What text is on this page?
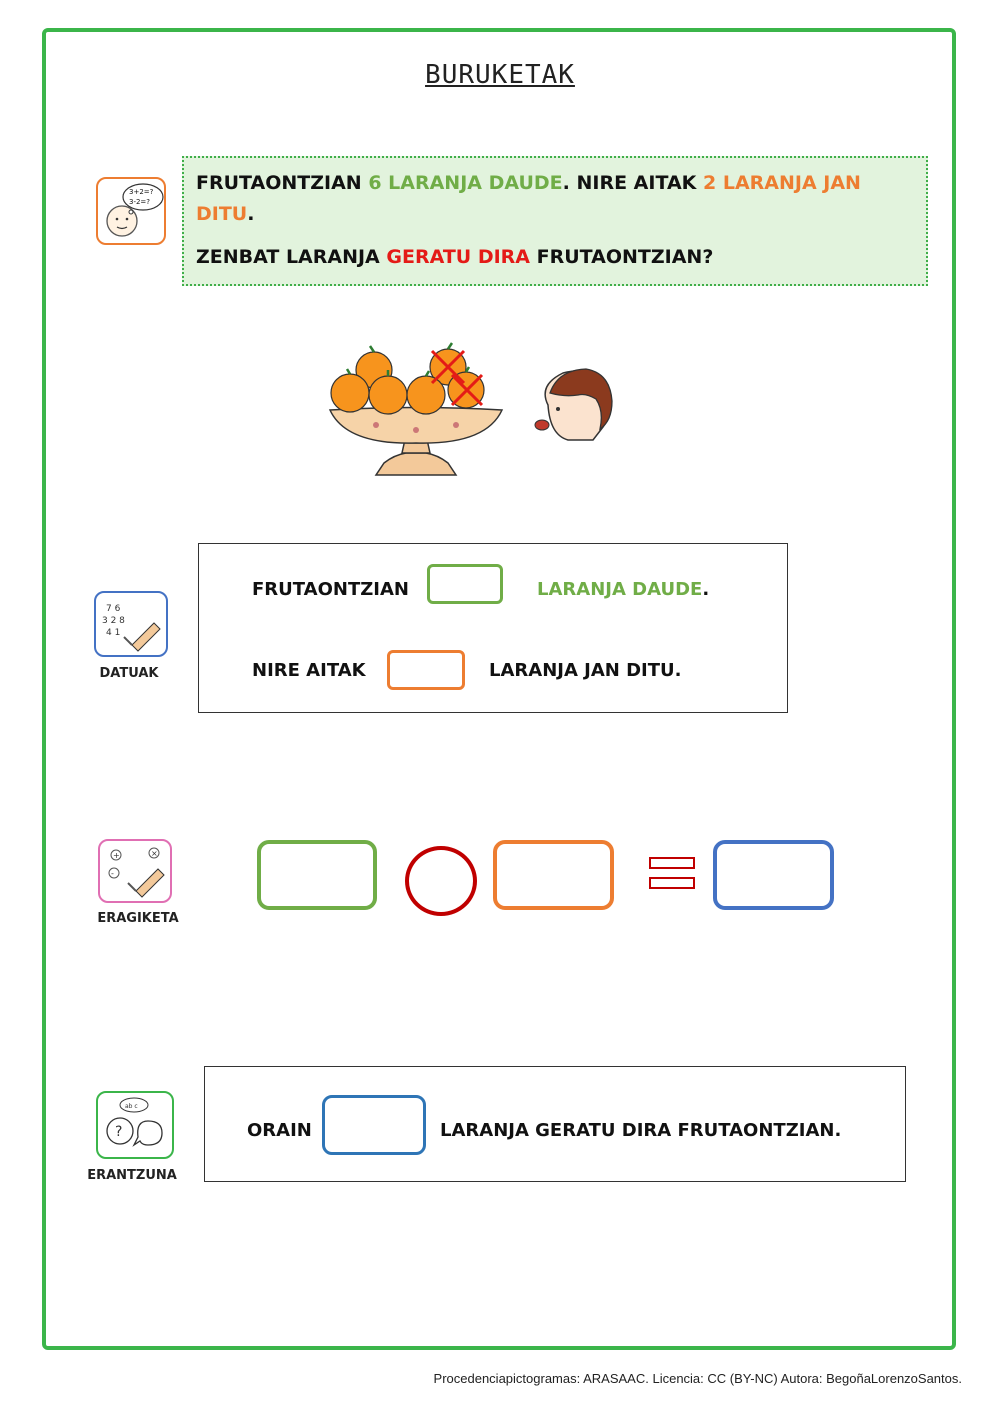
BURUKETAK
3+2=?
3-2=?

FRUTAONTZIAN 6 LARANJA DAUDE. NIRE AITAK 2 LARANJA JAN DITU.

ZENBAT LARANJA GERATU DIRA FRUTAONTZIAN?

7 6
3 2 8
4 1
DATUAK
FRUTAONTZIAN	LARANJA DAUDE.
NIRE AITAK	LARANJA JAN DITU.
+	×
-
ERAGIKETA
ab c
?
ERANTZUNA
ORAIN	LARANJA GERATU DIRA FRUTAONTZIAN.
Procedenciapictogramas: ARASAAC. Licencia: CC (BY-NC) Autora: BegoñaLorenzoSantos.
